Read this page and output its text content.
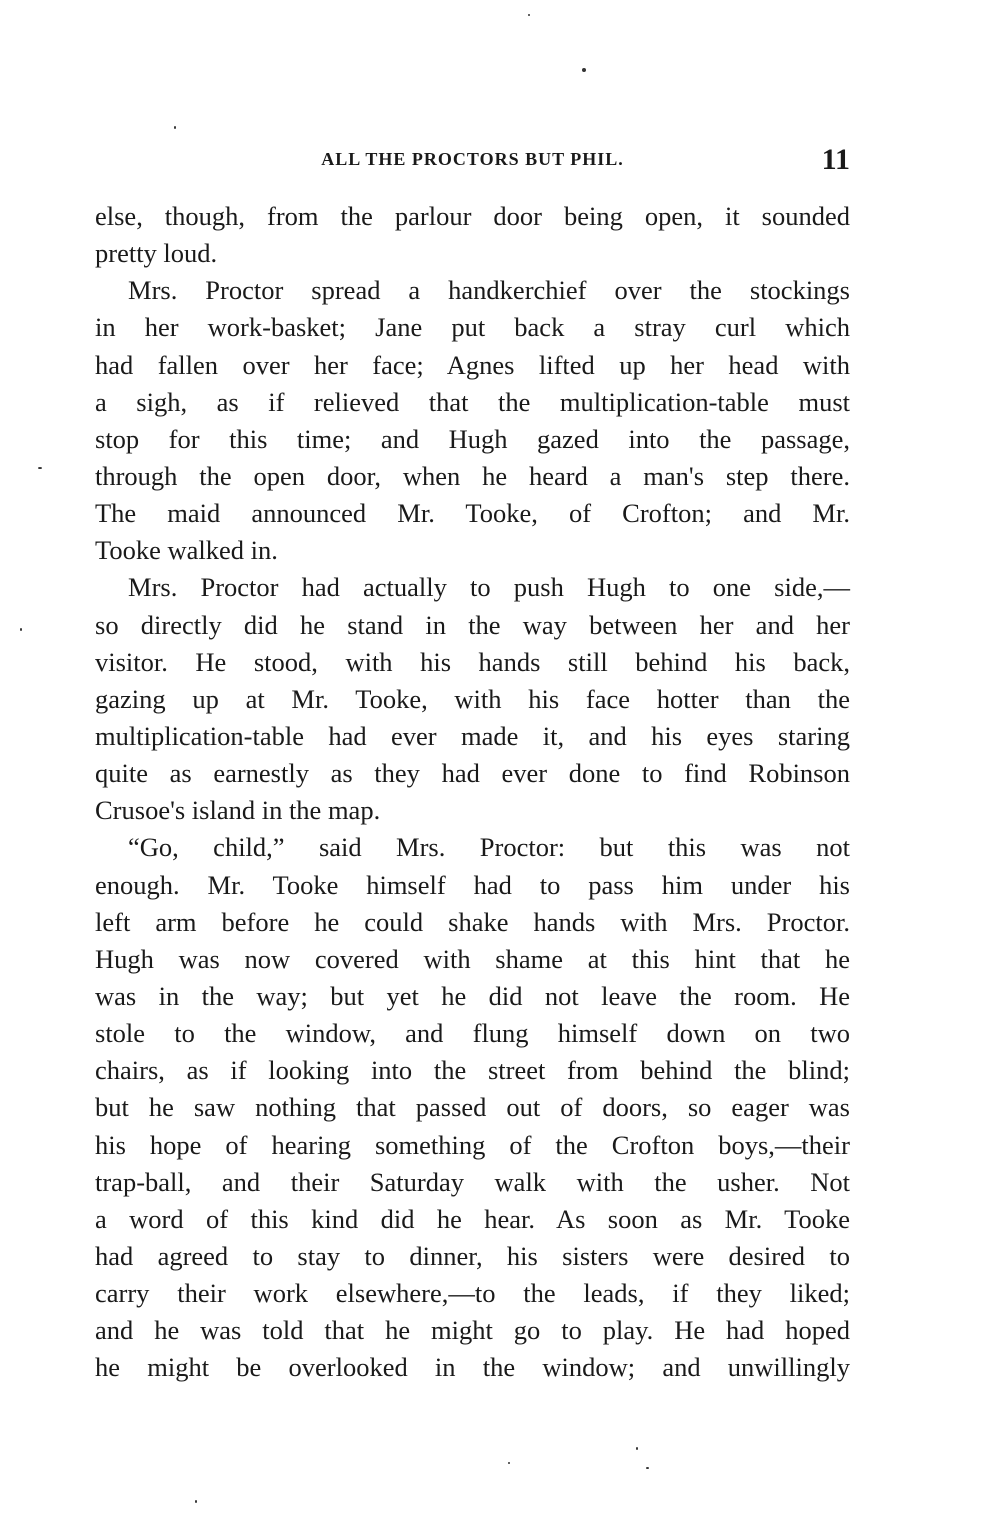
ALL THE PROCTORS BUT PHIL.	11
else, though, from the parlour door being open, it sounded
pretty loud.
Mrs. Proctor spread a handkerchief over the stockings
in her work-basket; Jane put back a stray curl which
had fallen over her face; Agnes lifted up her head with
a sigh, as if relieved that the multiplication-table must
stop for this time; and Hugh gazed into the passage,
through the open door, when he heard a man's step there.
The maid announced Mr. Tooke, of Crofton; and Mr.
Tooke walked in.
Mrs. Proctor had actually to push Hugh to one side,—
so directly did he stand in the way between her and her
visitor. He stood, with his hands still behind his back,
gazing up at Mr. Tooke, with his face hotter than the
multiplication-table had ever made it, and his eyes staring
quite as earnestly as they had ever done to find Robinson
Crusoe's island in the map.
“Go, child,” said Mrs. Proctor: but this was not
enough. Mr. Tooke himself had to pass him under his
left arm before he could shake hands with Mrs. Proctor.
Hugh was now covered with shame at this hint that he
was in the way; but yet he did not leave the room. He
stole to the window, and flung himself down on two
chairs, as if looking into the street from behind the blind;
but he saw nothing that passed out of doors, so eager was
his hope of hearing something of the Crofton boys,—their
trap-ball, and their Saturday walk with the usher. Not
a word of this kind did he hear. As soon as Mr. Tooke
had agreed to stay to dinner, his sisters were desired to
carry their work elsewhere,—to the leads, if they liked;
and he was told that he might go to play. He had hoped
he might be overlooked in the window; and unwillingly
